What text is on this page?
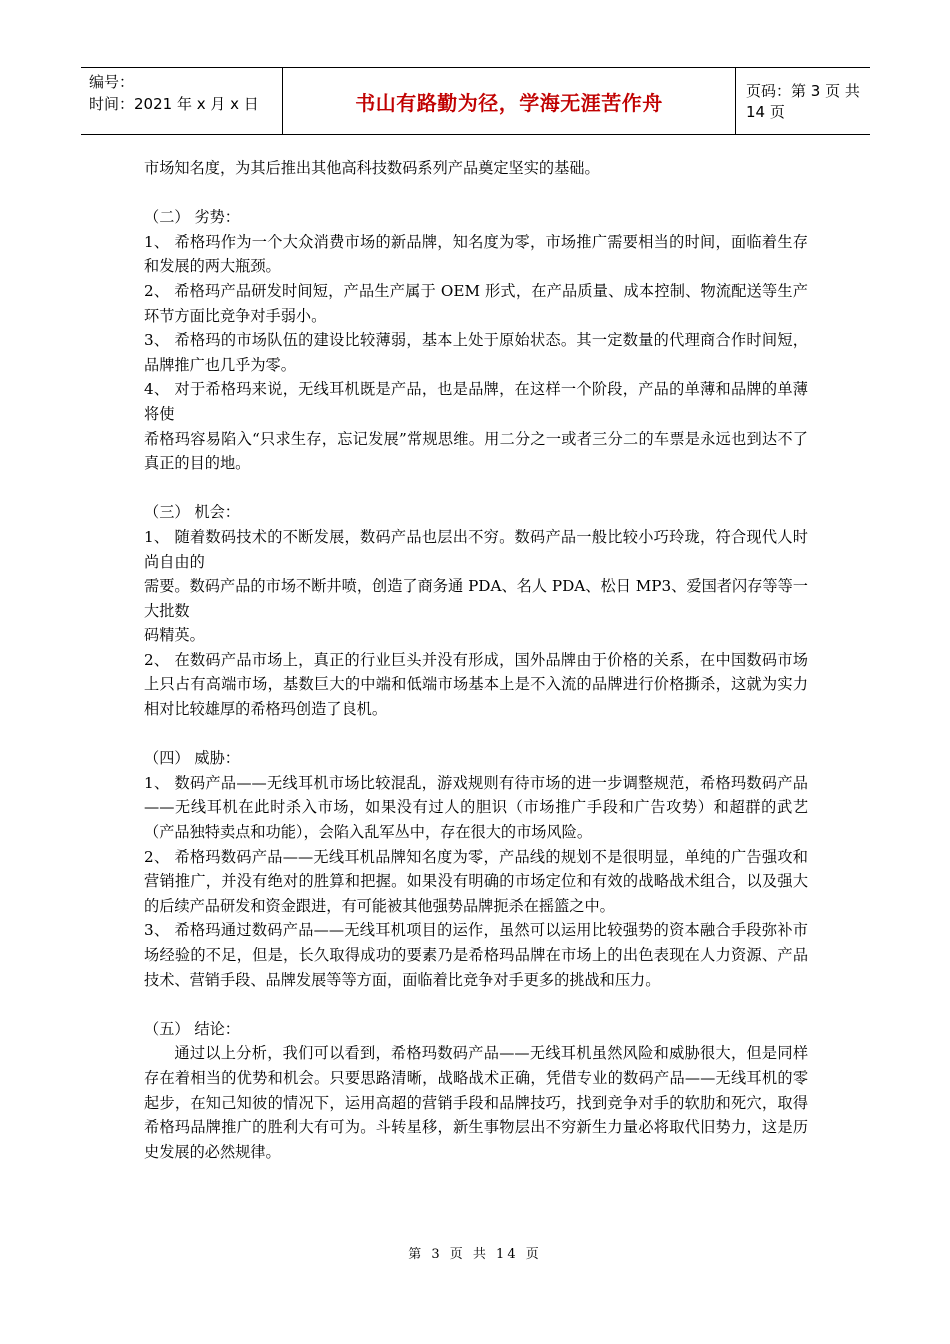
编号：
时间：2021 年 x 月 x 日	书山有路勤为径，学海无涯苦作舟	页码：第 3 页 共 14 页

市场知名度，为其后推出其他高科技数码系列产品奠定坚实的基础。

（二） 劣势：

1、 希格玛作为一个大众消费市场的新品牌，知名度为零，市场推广需要相当的时间，面临着生存和发展的两大瓶颈。

2、 希格玛产品研发时间短，产品生产属于 OEM 形式，在产品质量、成本控制、物流配送等生产环节方面比竞争对手弱小。

3、 希格玛的市场队伍的建设比较薄弱，基本上处于原始状态。其一定数量的代理商合作时间短，品牌推广也几乎为零。

4、 对于希格玛来说，无线耳机既是产品，也是品牌，在这样一个阶段，产品的单薄和品牌的单薄将使

希格玛容易陷入“只求生存，忘记发展”常规思维。用二分之一或者三分二的车票是永远也到达不了真正的目的地。

（三） 机会：

1、 随着数码技术的不断发展，数码产品也层出不穷。数码产品一般比较小巧玲珑，符合现代人时尚自由的

需要。数码产品的市场不断井喷，创造了商务通 PDA、名人 PDA、松日 MP3、爱国者闪存等等一大批数

码精英。

2、 在数码产品市场上，真正的行业巨头并没有形成，国外品牌由于价格的关系，在中国数码市场上只占有高端市场，基数巨大的中端和低端市场基本上是不入流的品牌进行价格撕杀，这就为实力相对比较雄厚的希格玛创造了良机。

（四） 威胁：

1、 数码产品——无线耳机市场比较混乱，游戏规则有待市场的进一步调整规范，希格玛数码产品——无线耳机在此时杀入市场，如果没有过人的胆识（市场推广手段和广告攻势）和超群的武艺（产品独特卖点和功能），会陷入乱军丛中，存在很大的市场风险。

2、 希格玛数码产品——无线耳机品牌知名度为零，产品线的规划不是很明显，单纯的广告强攻和营销推广，并没有绝对的胜算和把握。如果没有明确的市场定位和有效的战略战术组合，以及强大的后续产品研发和资金跟进，有可能被其他强势品牌扼杀在摇篮之中。

3、 希格玛通过数码产品——无线耳机项目的运作，虽然可以运用比较强势的资本融合手段弥补市场经验的不足，但是，长久取得成功的要素乃是希格玛品牌在市场上的出色表现在人力资源、产品技术、营销手段、品牌发展等等方面，面临着比竞争对手更多的挑战和压力。

（五） 结论：

通过以上分析，我们可以看到，希格玛数码产品——无线耳机虽然风险和威胁很大，但是同样存在着相当的优势和机会。只要思路清晰，战略战术正确，凭借专业的数码产品——无线耳机的零起步，在知己知彼的情况下，运用高超的营销手段和品牌技巧，找到竞争对手的软肋和死穴，取得希格玛品牌推广的胜利大有可为。斗转星移，新生事物层出不穷新生力量必将取代旧势力，这是历史发展的必然规律。

第 3 页 共 14 页
